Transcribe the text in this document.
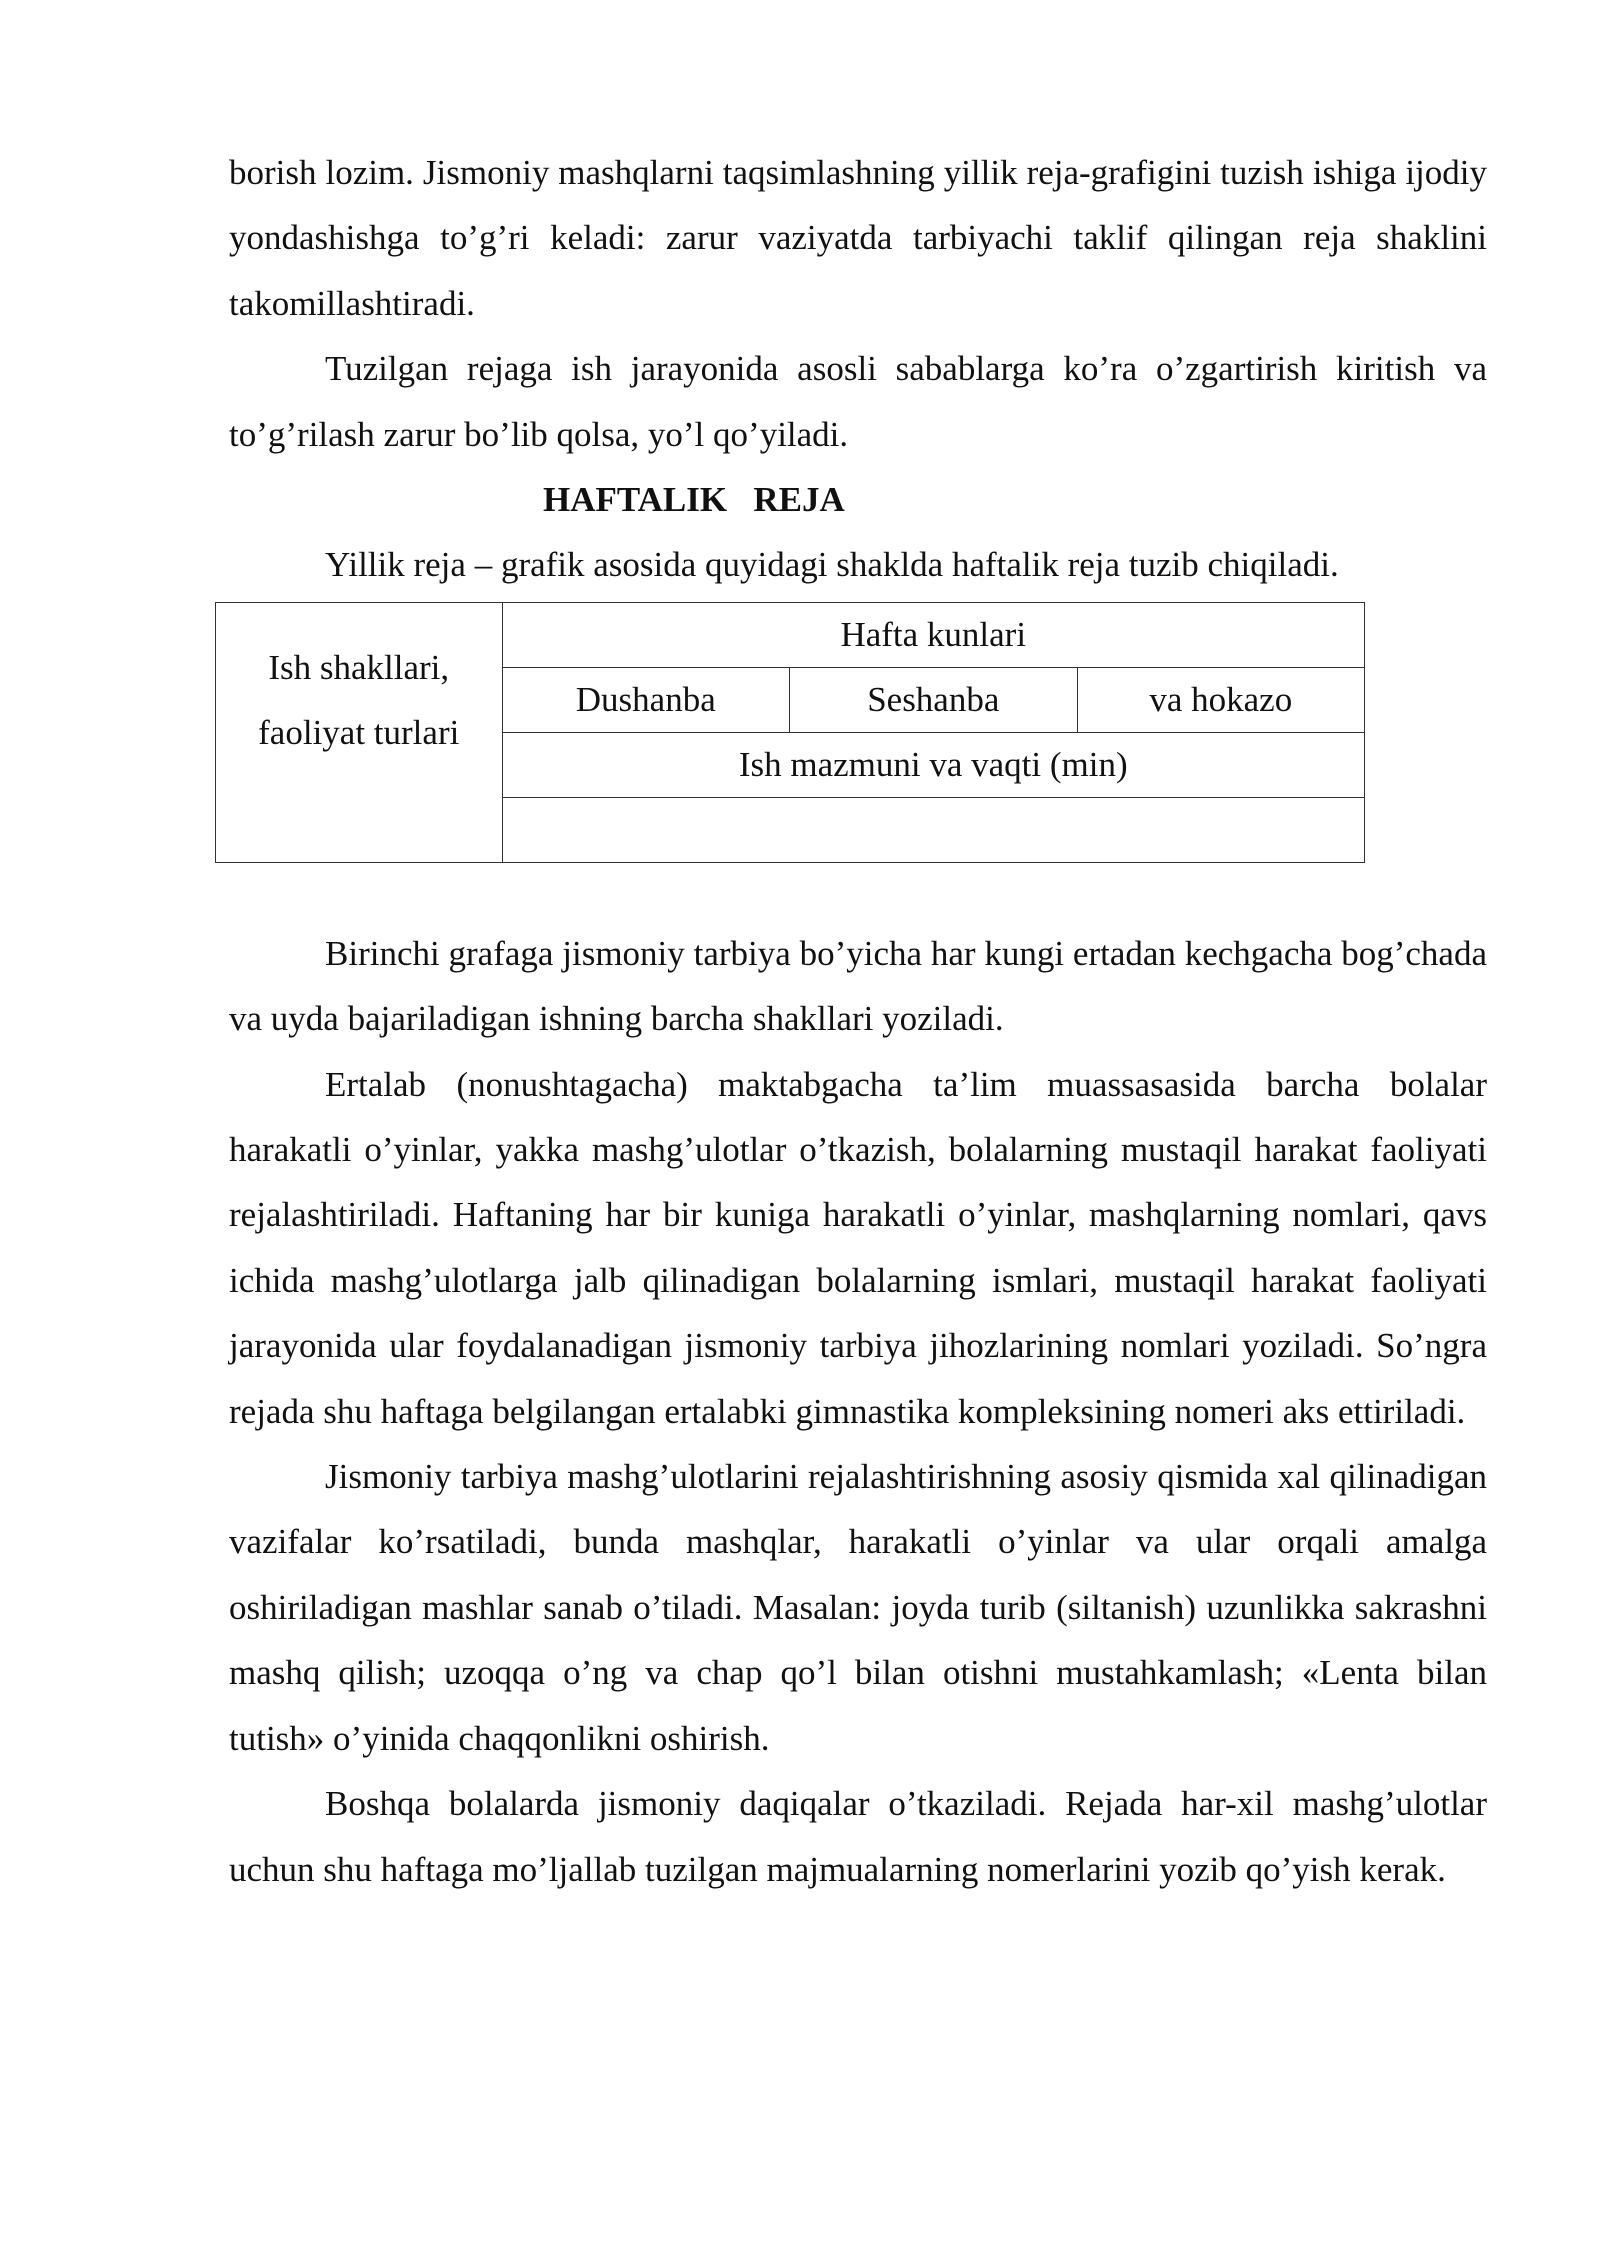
borish lozim. Jismoniy mashqlarni taqsimlashning yillik reja-grafigini tuzish ishiga ijodiy yondashishga to’g’ri keladi: zarur vaziyatda tarbiyachi taklif qilingan reja shaklini takomillashtiradi.

Tuzilgan rejaga ish jarayonida asosli sabablarga ko’ra o’zgartirish kiritish va to’g’rilash zarur bo’lib qolsa, yo’l qo’yiladi.

HAFTALIK   REJA

Yillik reja – grafik asosida quyidagi shaklda haftalik reja tuzib chiqiladi.

Ish shakllari,
faoliyat turlari	Hafta kunlari		
	Dushanba	Seshanba	va hokazo
	Ish mazmuni va vaqti (min)		

Birinchi grafaga jismoniy tarbiya bo’yicha har kungi ertadan kechgacha bog’chada va uyda bajariladigan ishning barcha shakllari yoziladi.

Ertalab (nonushtagacha) maktabgacha ta’lim muassasasida barcha bolalar harakatli o’yinlar, yakka mashg’ulotlar o’tkazish, bolalarning mustaqil harakat faoliyati rejalashtiriladi. Haftaning har bir kuniga harakatli o’yinlar, mashqlarning nomlari, qavs ichida mashg’ulotlarga jalb qilinadigan bolalarning ismlari, mustaqil harakat faoliyati jarayonida ular foydalanadigan jismoniy tarbiya jihozlarining nomlari yoziladi. So’ngra rejada shu haftaga belgilangan ertalabki gimnastika kompleksining nomeri aks ettiriladi.

Jismoniy tarbiya mashg’ulotlarini rejalashtirishning asosiy qismida xal qilinadigan vazifalar ko’rsatiladi, bunda mashqlar, harakatli o’yinlar va ular orqali amalga oshiriladigan mashlar sanab o’tiladi. Masalan: joyda turib (siltanish) uzunlikka sakrashni mashq qilish; uzoqqa o’ng va chap qo’l bilan otishni mustahkamlash; «Lenta bilan tutish» o’yinida chaqqonlikni oshirish.

Boshqa bolalarda jismoniy daqiqalar o’tkaziladi. Rejada har-xil mashg’ulotlar uchun shu haftaga mo’ljallab tuzilgan majmualarning nomerlarini yozib qo’yish kerak.
